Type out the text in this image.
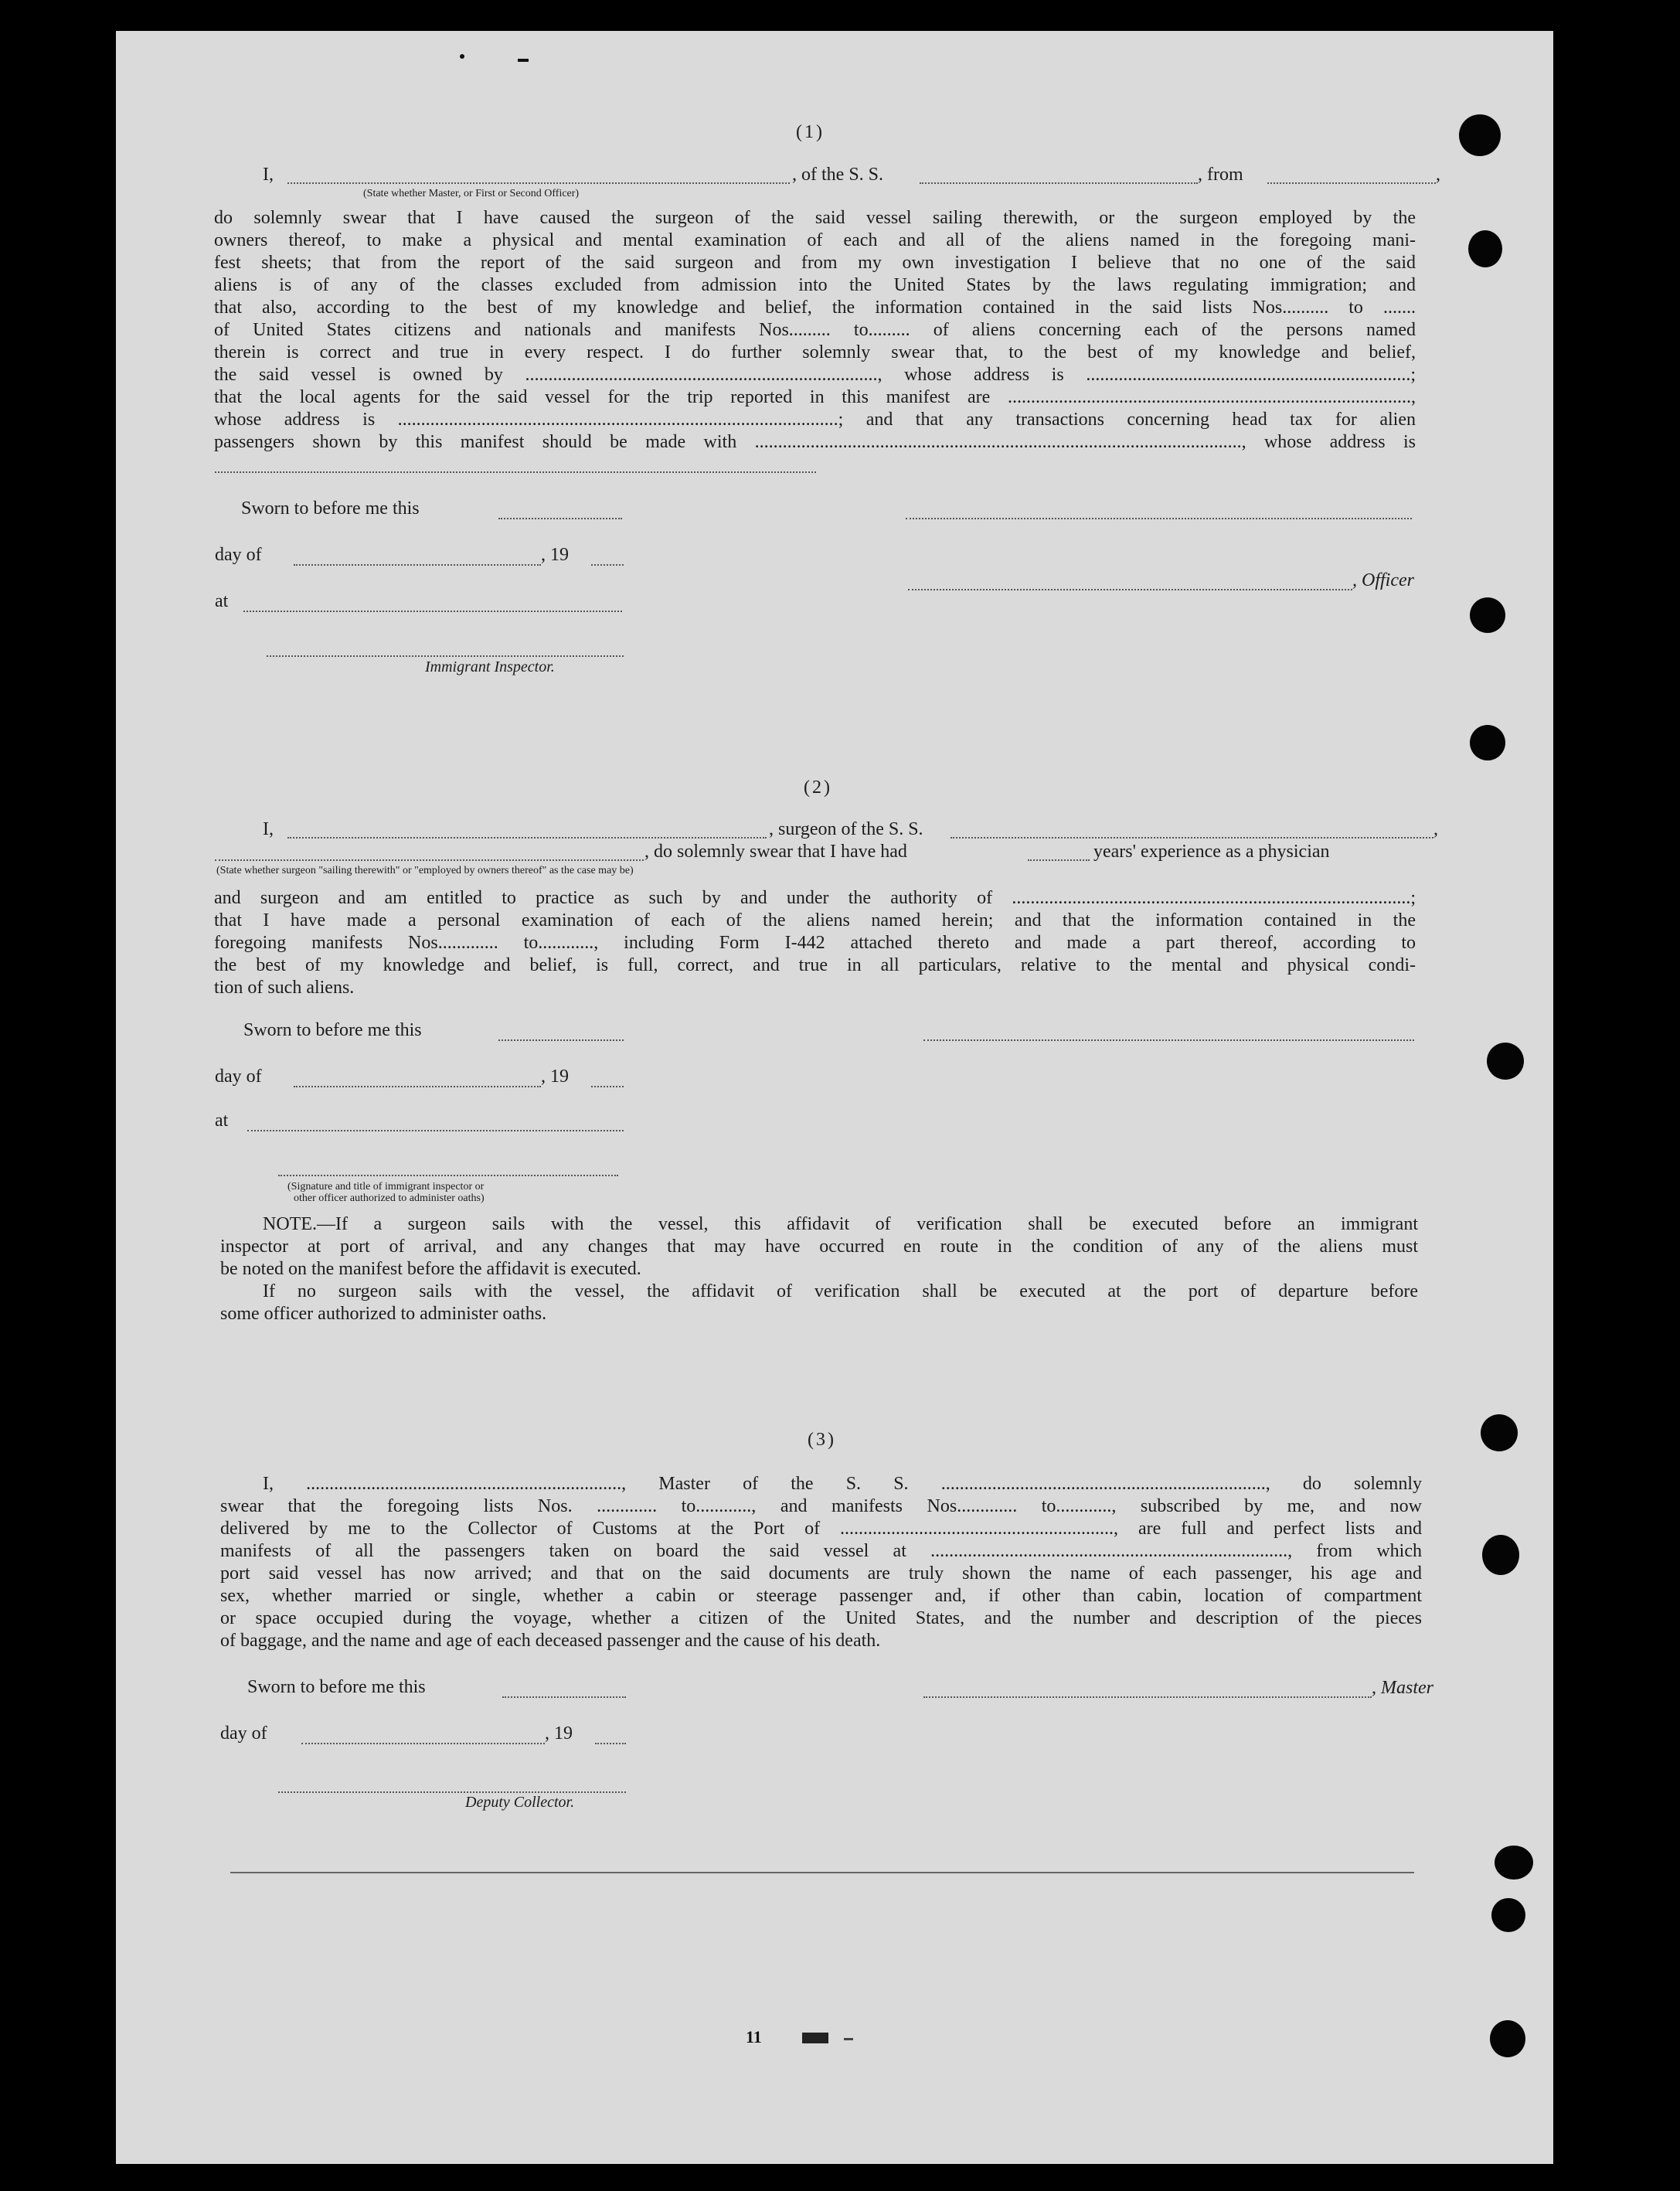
(1)
I,	, of the S. S.	, from	,
(State whether Master, or First or Second Officer)
do solemnly swear that I have caused the surgeon of the said vessel sailing therewith, or the surgeon employed by the
owners thereof, to make a physical and mental examination of each and all of the aliens named in the foregoing mani-
fest sheets; that from the report of the said surgeon and from my own investigation I believe that no one of the said
aliens is of any of the classes excluded from admission into the United States by the laws regulating immigration; and
that also, according to the best of my knowledge and belief, the information contained in the said lists Nos.......... to .......
of United States citizens and nationals and manifests Nos......... to......... of aliens concerning each of the persons named
therein is correct and true in every respect. I do further solemnly swear that, to the best of my knowledge and belief,
the said vessel is owned by ............................................................................, whose address is ......................................................................;
that the local agents for the said vessel for the trip reported in this manifest are .......................................................................................,
whose address is ...............................................................................................; and that any transactions concerning head tax for alien
passengers shown by this manifest should be made with ........................................................................................................., whose address is
Sworn to before me this
day of	, 19
, Officer
at
Immigrant Inspector.
(2)
I,	, surgeon of the S. S.	,
, do solemnly swear that I have had	years' experience as a physician
(State whether surgeon "sailing therewith" or "employed by owners thereof" as the case may be)
and surgeon and am entitled to practice as such by and under the authority of ......................................................................................;
that I have made a personal examination of each of the aliens named herein; and that the information contained in the
foregoing manifests Nos............. to............, including Form I-442 attached thereto and made a part thereof, according to
the best of my knowledge and belief, is full, correct, and true in all particulars, relative to the mental and physical condi-
tion of such aliens.
Sworn to before me this
day of	, 19
at
(Signature and title of immigrant inspector or
other officer authorized to administer oaths)
NOTE.—If a surgeon sails with the vessel, this affidavit of verification shall be executed before an immigrant
inspector at port of arrival, and any changes that may have occurred en route in the condition of any of the aliens must
be noted on the manifest before the affidavit is executed.
If no surgeon sails with the vessel, the affidavit of verification shall be executed at the port of departure before
some officer authorized to administer oaths.
(3)
I, ...................................................................., Master of the S. S. ......................................................................, do solemnly
swear that the foregoing lists Nos. ............. to............, and manifests Nos............. to............, subscribed by me, and now
delivered by me to the Collector of Customs at the Port of ..........................................................., are full and perfect lists and
manifests of all the passengers taken on board the said vessel at ............................................................................., from which
port said vessel has now arrived; and that on the said documents are truly shown the name of each passenger, his age and
sex, whether married or single, whether a cabin or steerage passenger and, if other than cabin, location of compartment
or space occupied during the voyage, whether a citizen of the United States, and the number and description of the pieces
of baggage, and the name and age of each deceased passenger and the cause of his death.
Sworn to before me this	, Master
day of	, 19
Deputy Collector.
11
